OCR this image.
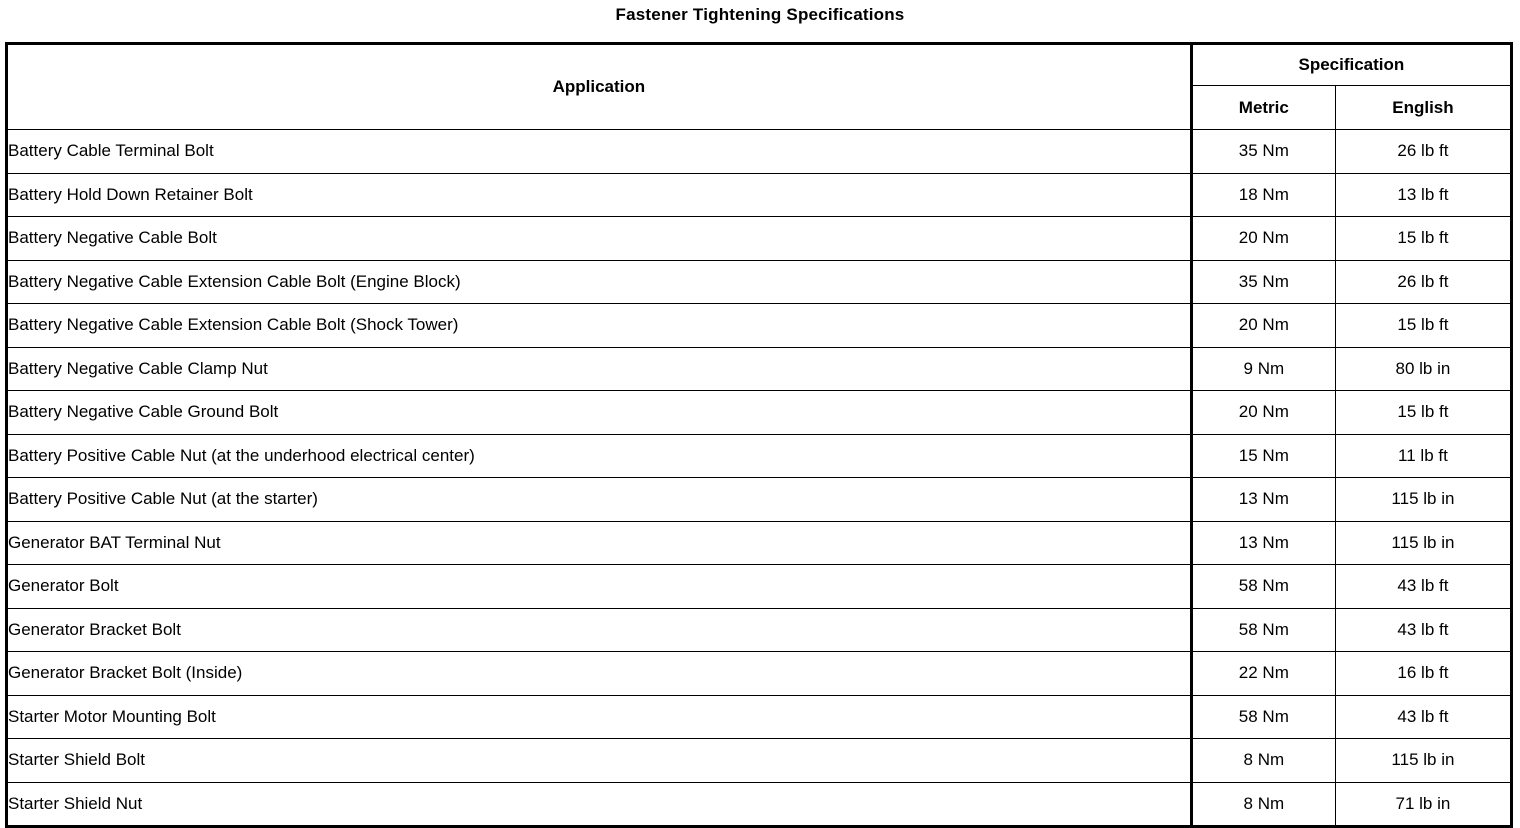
Fastener Tightening Specifications
Application	Specification	
	Metric	English
Battery Cable Terminal Bolt	35 Nm	26 lb ft
Battery Hold Down Retainer Bolt	18 Nm	13 lb ft
Battery Negative Cable Bolt	20 Nm	15 lb ft
Battery Negative Cable Extension Cable Bolt (Engine Block)	35 Nm	26 lb ft
Battery Negative Cable Extension Cable Bolt (Shock Tower)	20 Nm	15 lb ft
Battery Negative Cable Clamp Nut	9 Nm	80 lb in
Battery Negative Cable Ground Bolt	20 Nm	15 lb ft
Battery Positive Cable Nut (at the underhood electrical center)	15 Nm	11 lb ft
Battery Positive Cable Nut (at the starter)	13 Nm	115 lb in
Generator BAT Terminal Nut	13 Nm	115 lb in
Generator Bolt	58 Nm	43 lb ft
Generator Bracket Bolt	58 Nm	43 lb ft
Generator Bracket Bolt (Inside)	22 Nm	16 lb ft
Starter Motor Mounting Bolt	58 Nm	43 lb ft
Starter Shield Bolt	8 Nm	115 lb in
Starter Shield Nut	8 Nm	71 lb in
